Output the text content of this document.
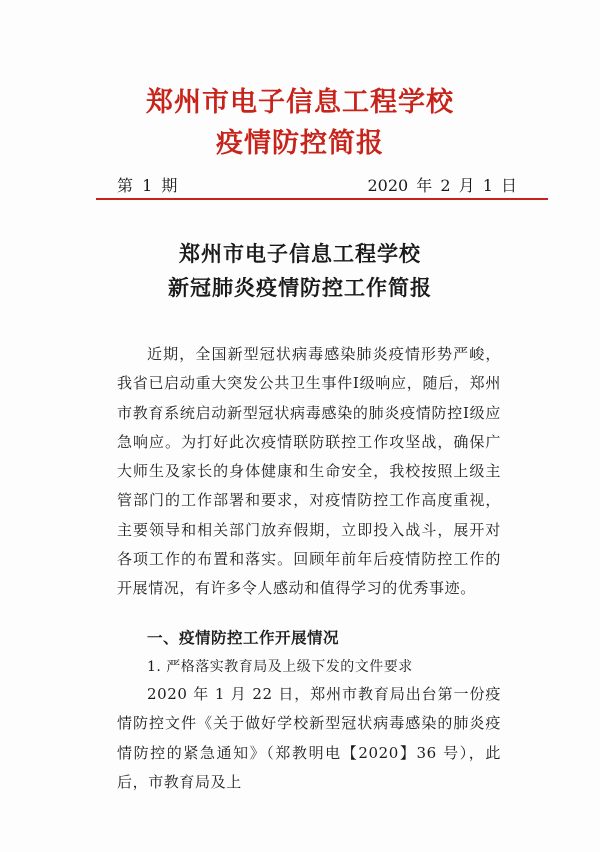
郑州市电子信息工程学校
疫情防控简报
第 1 期	2020 年 2 月 1 日
郑州市电子信息工程学校
新冠肺炎疫情防控工作简报
近期，全国新型冠状病毒感染肺炎疫情形势严峻，我省已启动重大突发公共卫生事件Ⅰ级响应，随后，郑州市教育系统启动新型冠状病毒感染的肺炎疫情防控Ⅰ级应急响应。为打好此次疫情联防联控工作攻坚战，确保广大师生及家长的身体健康和生命安全，我校按照上级主管部门的工作部署和要求，对疫情防控工作高度重视，主要领导和相关部门放弃假期，立即投入战斗，展开对各项工作的布置和落实。回顾年前年后疫情防控工作的开展情况，有许多令人感动和值得学习的优秀事迹。
一、疫情防控工作开展情况
1. 严格落实教育局及上级下发的文件要求
2020 年 1 月 22 日，郑州市教育局出台第一份疫情防控文件《关于做好学校新型冠状病毒感染的肺炎疫情防控的紧急通知》（郑教明电【2020】36 号），此后，市教育局及上
